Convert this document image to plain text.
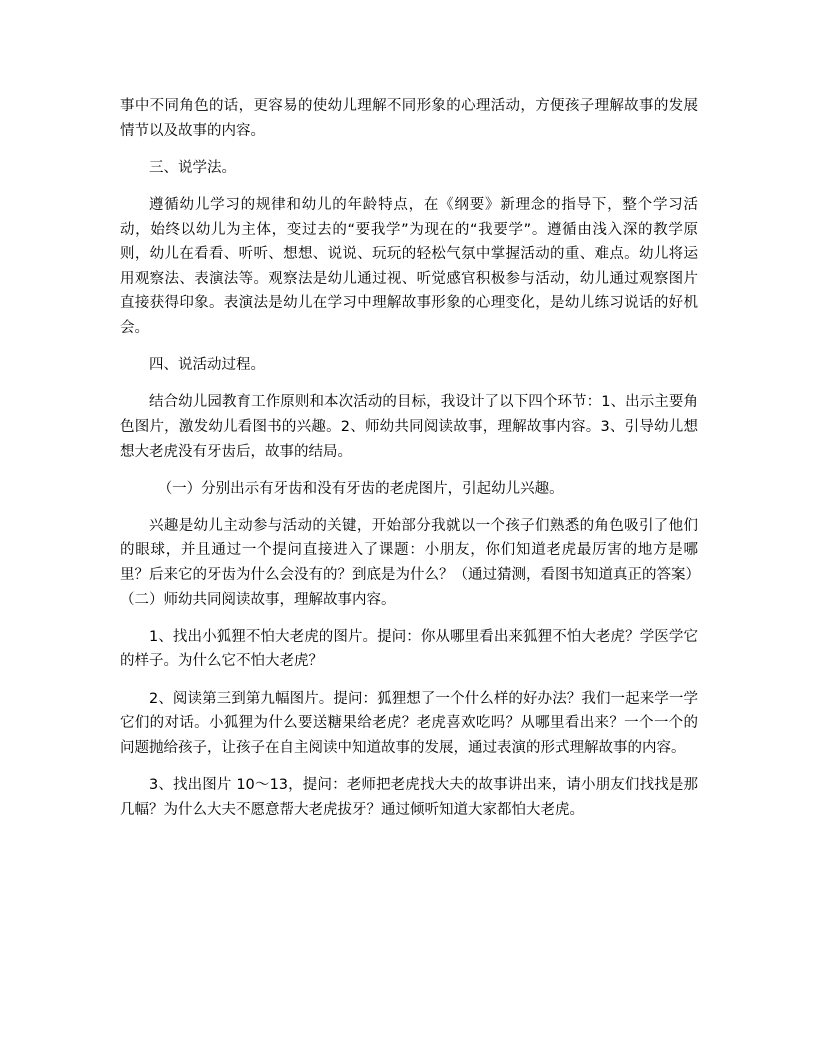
事中不同角色的话，更容易的使幼儿理解不同形象的心理活动，方便孩子理解故事的发展情节以及故事的内容。

三、说学法。

遵循幼儿学习的规律和幼儿的年龄特点，在《纲要》新理念的指导下，整个学习活动，始终以幼儿为主体，变过去的“要我学”为现在的“我要学”。遵循由浅入深的教学原则，幼儿在看看、听听、想想、说说、玩玩的轻松气氛中掌握活动的重、难点。幼儿将运用观察法、表演法等。观察法是幼儿通过视、听觉感官积极参与活动，幼儿通过观察图片直接获得印象。表演法是幼儿在学习中理解故事形象的心理变化，是幼儿练习说话的好机会。

四、说活动过程。

结合幼儿园教育工作原则和本次活动的目标，我设计了以下四个环节：1、出示主要角色图片，激发幼儿看图书的兴趣。2、师幼共同阅读故事，理解故事内容。3、引导幼儿想想大老虎没有牙齿后，故事的结局。

（一）分别出示有牙齿和没有牙齿的老虎图片，引起幼儿兴趣。

兴趣是幼儿主动参与活动的关键，开始部分我就以一个孩子们熟悉的角色吸引了他们的眼球，并且通过一个提问直接进入了课题：小朋友，你们知道老虎最厉害的地方是哪里？后来它的牙齿为什么会没有的？到底是为什么？（通过猜测，看图书知道真正的答案）

（二）师幼共同阅读故事，理解故事内容。

1、找出小狐狸不怕大老虎的图片。提问：你从哪里看出来狐狸不怕大老虎？学医学它的样子。为什么它不怕大老虎？

2、阅读第三到第九幅图片。提问：狐狸想了一个什么样的好办法？我们一起来学一学它们的对话。小狐狸为什么要送糖果给老虎？老虎喜欢吃吗？从哪里看出来？一个一个的问题抛给孩子，让孩子在自主阅读中知道故事的发展，通过表演的形式理解故事的内容。

3、找出图片 10～13，提问：老师把老虎找大夫的故事讲出来，请小朋友们找找是那几幅？为什么大夫不愿意帮大老虎拔牙？通过倾听知道大家都怕大老虎。
